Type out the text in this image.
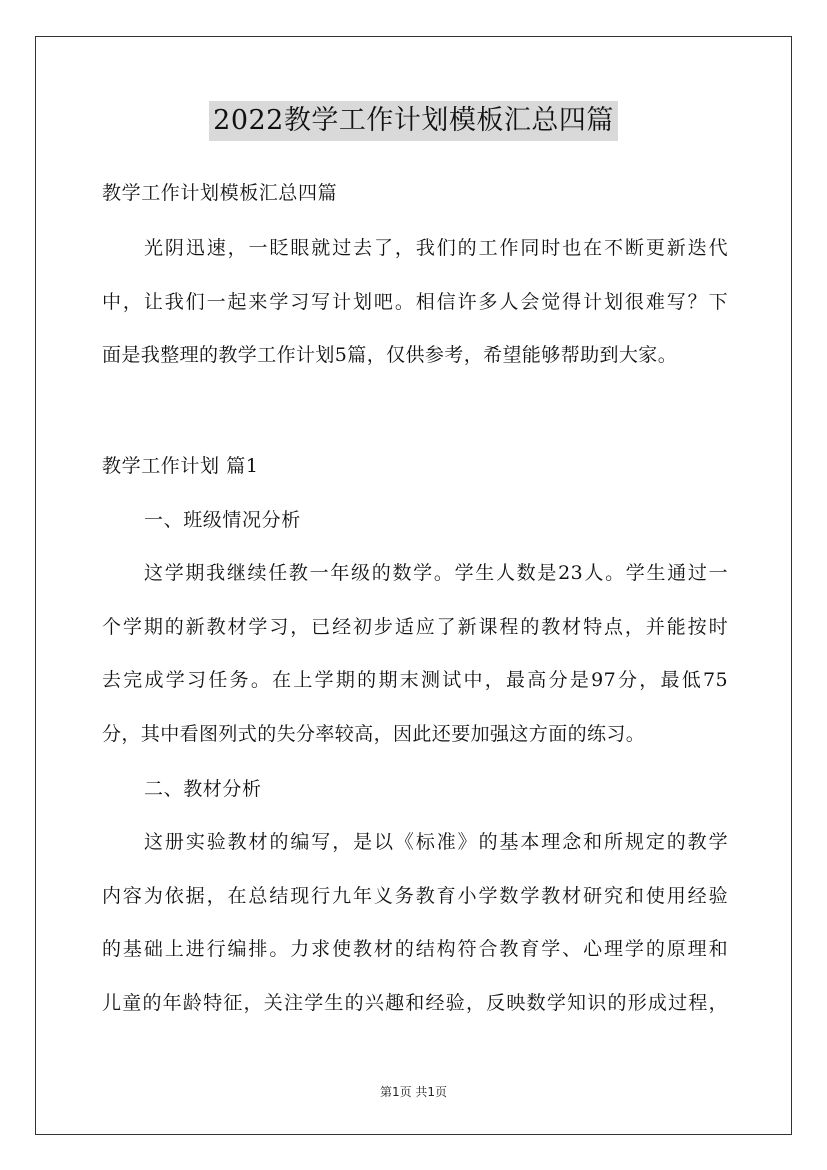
2022教学工作计划模板汇总四篇
教学工作计划模板汇总四篇
光阴迅速，一眨眼就过去了，我们的工作同时也在不断更新迭代
中，让我们一起来学习写计划吧。相信许多人会觉得计划很难写？下
面是我整理的教学工作计划5篇，仅供参考，希望能够帮助到大家。
教学工作计划 篇1
一、班级情况分析
这学期我继续任教一年级的数学。学生人数是23人。学生通过一
个学期的新教材学习，已经初步适应了新课程的教材特点，并能按时
去完成学习任务。在上学期的期末测试中，最高分是97分，最低75
分，其中看图列式的失分率较高，因此还要加强这方面的练习。
二、教材分析
这册实验教材的编写，是以《标准》的基本理念和所规定的教学
内容为依据，在总结现行九年义务教育小学数学教材研究和使用经验
的基础上进行编排。力求使教材的结构符合教育学、心理学的原理和
儿童的年龄特征，关注学生的兴趣和经验，反映数学知识的形成过程，
第1页 共1页
